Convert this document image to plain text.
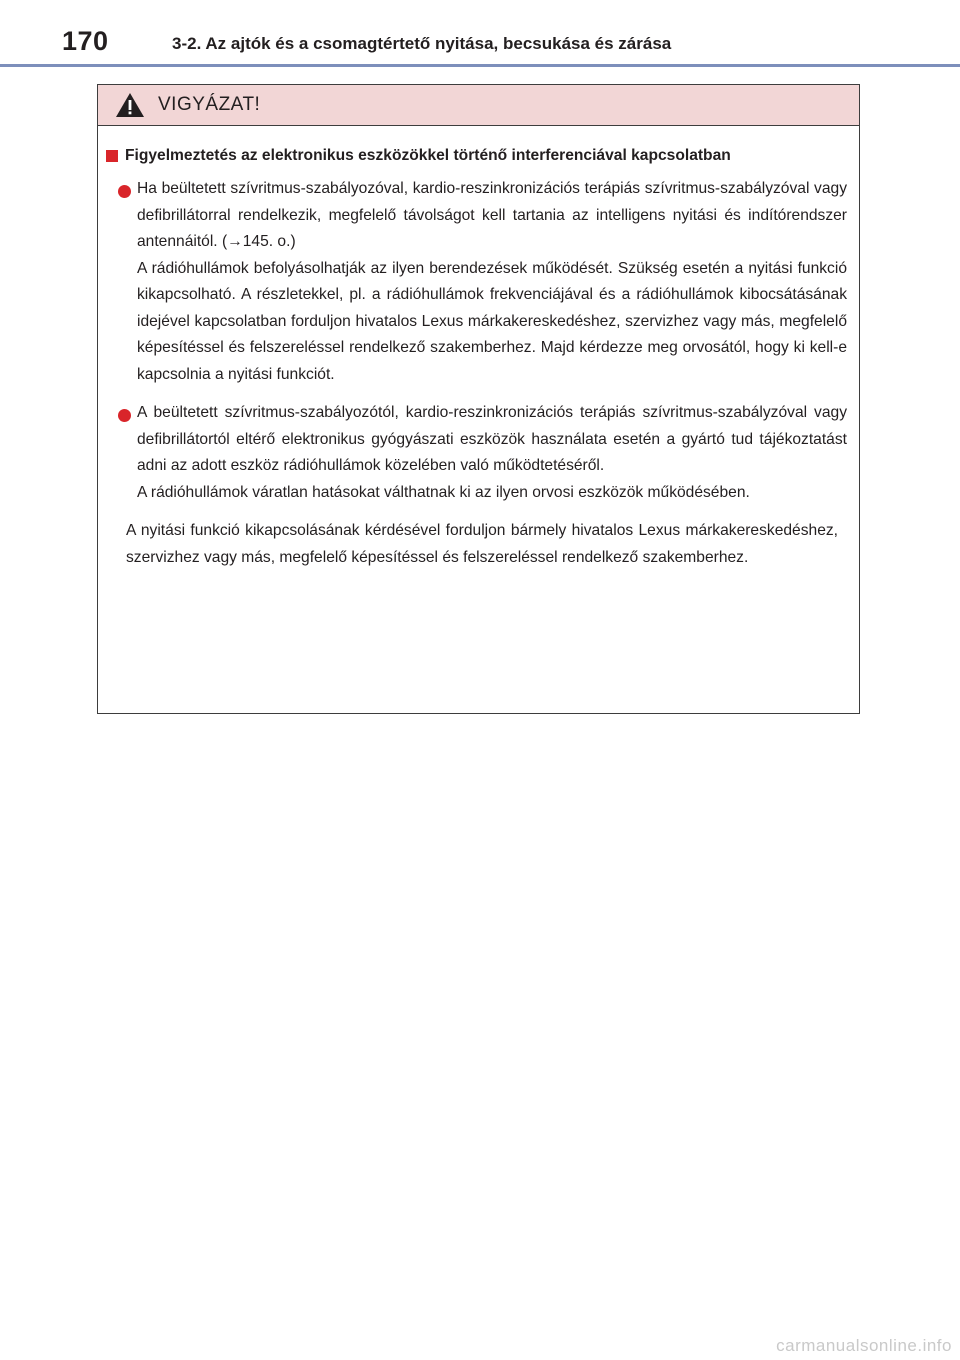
170	3-2. Az ajtók és a csomagtértető nyitása, becsukása és zárása
VIGYÁZAT!
Figyelmeztetés az elektronikus eszközökkel történő interferenciával kapcsolatban

Ha beültetett szívritmus-szabályozóval, kardio-reszinkronizációs terápiás szívritmus-szabályzóval vagy defibrillátorral rendelkezik, megfelelő távolságot kell tartania az intelligens nyitási és indítórendszer antennáitól. (→145. o.)

A rádióhullámok befolyásolhatják az ilyen berendezések működését. Szükség esetén a nyitási funkció kikapcsolható. A részletekkel, pl. a rádióhullámok frekvenciájával és a rádióhullámok kibocsátásának idejével kapcsolatban forduljon hivatalos Lexus márkakereskedéshez, szervizhez vagy más, megfelelő képesítéssel és felszereléssel rendelkező szakemberhez. Majd kérdezze meg orvosától, hogy ki kell-e kapcsolnia a nyitási funkciót.

A beültetett szívritmus-szabályozótól, kardio-reszinkronizációs terápiás szívritmus-szabályzóval vagy defibrillátortól eltérő elektronikus gyógyászati eszközök használata esetén a gyártó tud tájékoztatást adni az adott eszköz rádióhullámok közelében való működtetéséről.

A rádióhullámok váratlan hatásokat válthatnak ki az ilyen orvosi eszközök működésében.

A nyitási funkció kikapcsolásának kérdésével forduljon bármely hivatalos Lexus márkakereskedéshez, szervizhez vagy más, megfelelő képesítéssel és felszereléssel rendelkező szakemberhez.

carmanualsonline.info
